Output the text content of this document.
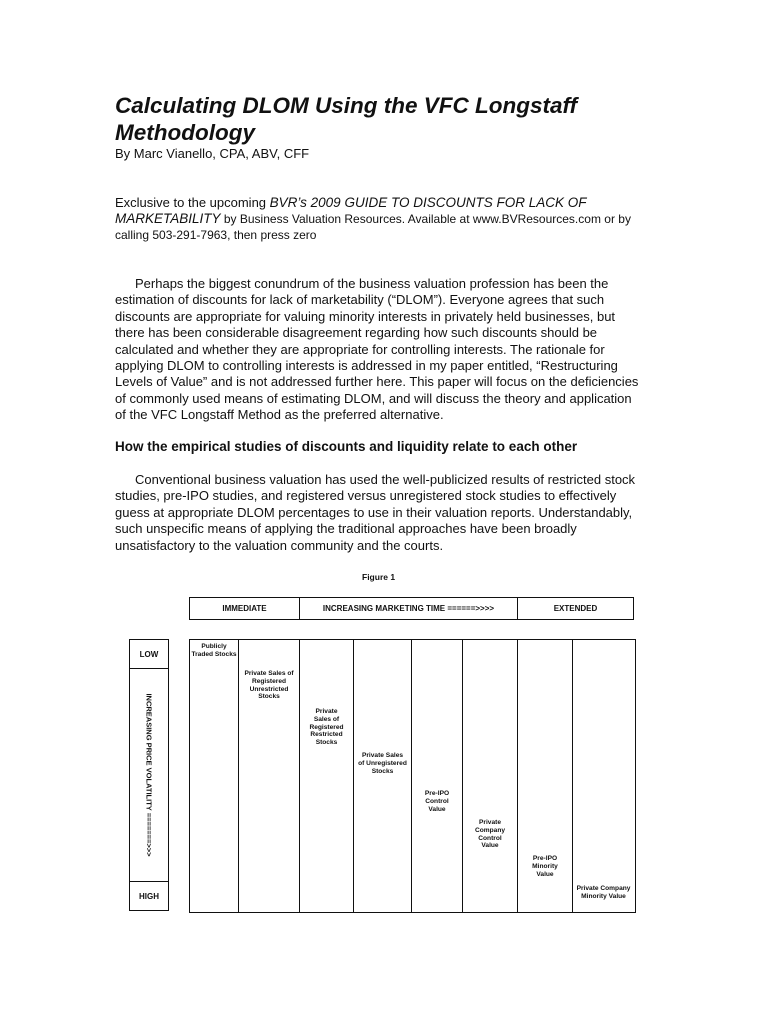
Calculating DLOM Using the VFC Longstaff Methodology
By Marc Vianello, CPA, ABV, CFF
Exclusive to the upcoming BVR’s 2009 GUIDE TO DISCOUNTS FOR LACK OF MARKETABILITY by Business Valuation Resources. Available at www.BVResources.com or by calling 503-291-7963, then press zero

Perhaps the biggest conundrum of the business valuation profession has been the estimation of discounts for lack of marketability (“DLOM”). Everyone agrees that such discounts are appropriate for valuing minority interests in privately held businesses, but there has been considerable disagreement regarding how such discounts should be calculated and whether they are appropriate for controlling interests. The rationale for applying DLOM to controlling interests is addressed in my paper entitled, “Restructuring Levels of Value” and is not addressed further here. This paper will focus on the deficiencies of commonly used means of estimating DLOM, and will discuss the theory and application of the VFC Longstaff Method as the preferred alternative.

How the empirical studies of discounts and liquidity relate to each other

Conventional business valuation has used the well-publicized results of restricted stock studies, pre-IPO studies, and registered versus unregistered stock studies to effectively guess at appropriate DLOM percentages to use in their valuation reports. Understandably, such unspecific means of applying the traditional approaches have been broadly unsatisfactory to the valuation community and the courts.

Figure 1
IMMEDIATE	INCREASING MARKETING TIME ======>>>>	EXTENDED
LOW
INCREASING PRICE VOLATILITY =======>>>
HIGH
Publicly Traded Stocks
Private Sales of Registered Unrestricted Stocks
Private Sales of Registered Restricted Stocks
Private Sales of Unregistered Stocks
Pre-IPO Control Value
Private Company Control Value
Pre-IPO Minority Value
Private Company Minority Value
